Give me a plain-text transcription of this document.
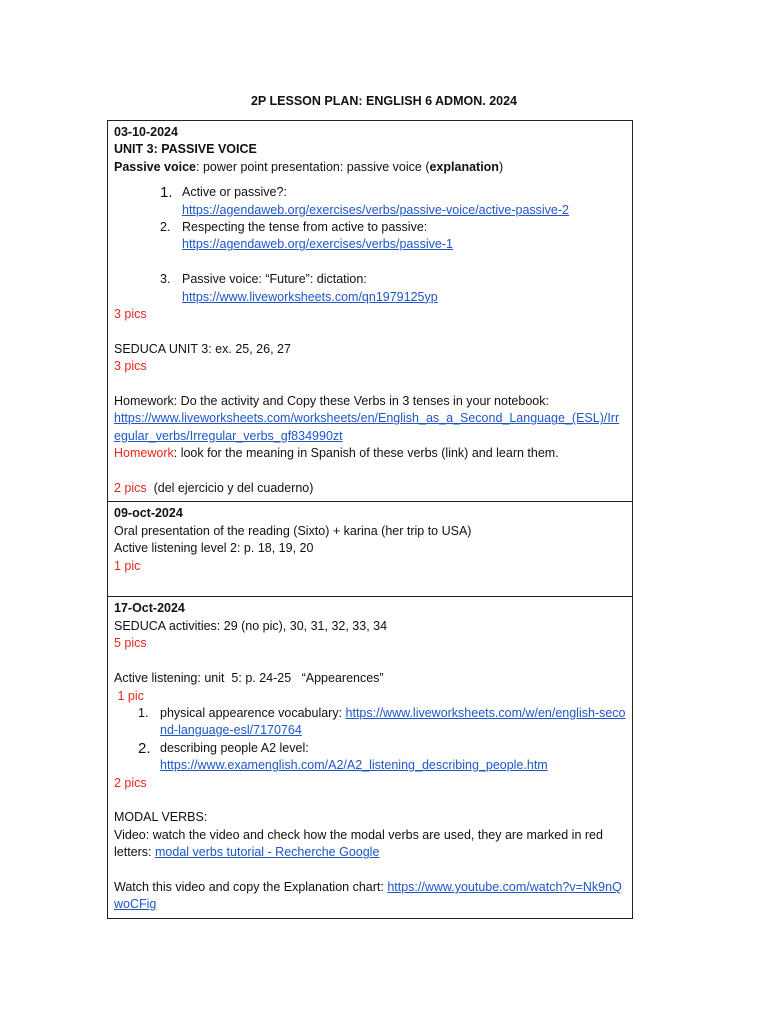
2P LESSON PLAN: ENGLISH 6 ADMON. 2024
03-10-2024
UNIT 3: PASSIVE VOICE
Passive voice: power point presentation: passive voice (explanation)
1. Active or passive?:
https://agendaweb.org/exercises/verbs/passive-voice/active-passive-2
2. Respecting the tense from active to passive:
https://agendaweb.org/exercises/verbs/passive-1
3. Passive voice: “Future”: dictation:
https://www.liveworksheets.com/qn1979125yp
3 pics
SEDUCA UNIT 3: ex. 25, 26, 27
3 pics
Homework: Do the activity and Copy these Verbs in 3 tenses in your notebook:
https://www.liveworksheets.com/worksheets/en/English_as_a_Second_Language_(ESL)/Irregular_verbs/Irregular_verbs_gf834990zt
Homework: look for the meaning in Spanish of these verbs (link) and learn them.
2 pics  (del ejercicio y del cuaderno)

09-oct-2024
Oral presentation of the reading (Sixto) + karina (her trip to USA)
Active listening level 2: p. 18, 19, 20
1 pic

17-Oct-2024
SEDUCA activities: 29 (no pic), 30, 31, 32, 33, 34
5 pics
Active listening: unit  5: p. 24-25   “Appearences”
1 pic
1. physical appearence vocabulary: https://www.liveworksheets.com/w/en/english-second-language-esl/7170764
2. describing people A2 level:
https://www.examenglish.com/A2/A2_listening_describing_people.htm
2 pics
MODAL VERBS:
Video: watch the video and check how the modal verbs are used, they are marked in red letters: modal verbs tutorial - Recherche Google
Watch this video and copy the Explanation chart: https://www.youtube.com/watch?v=Nk9nQwoCFig
